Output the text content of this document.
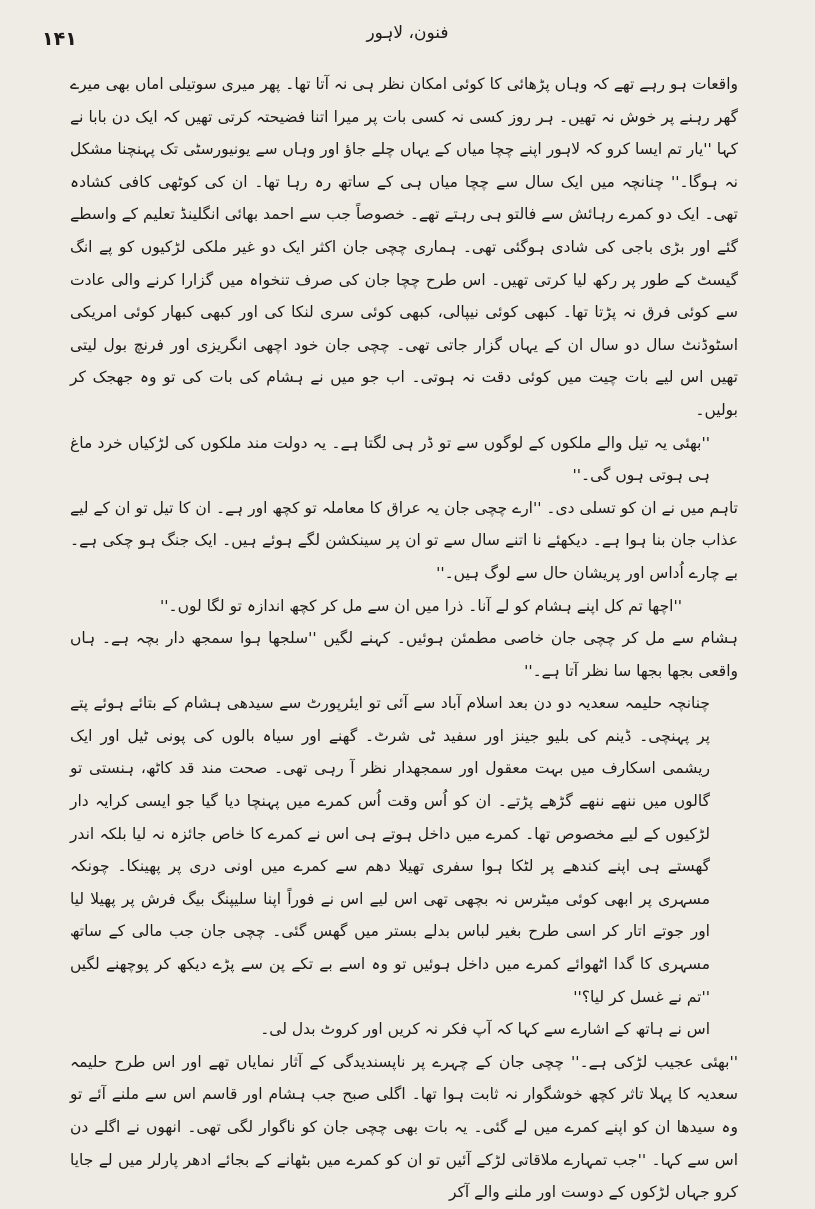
فنون، لاہور
۱۴۱

واقعات ہو رہے تھے کہ وہاں پڑھائی کا کوئی امکان نظر ہی نہ آتا تھا۔ پھر میری سوتیلی اماں بھی میرے گھر رہنے پر خوش نہ تھیں۔ ہر روز کسی نہ کسی بات پر میرا اتنا فضیحتہ کرتی تھیں کہ ایک دن بابا نے کہا ''یار تم ایسا کرو کہ لاہور اپنے چچا میاں کے یہاں چلے جاؤ اور وہاں سے یونیورسٹی تک پہنچنا مشکل نہ ہوگا۔'' چنانچہ میں ایک سال سے چچا میاں ہی کے ساتھ رہ رہا تھا۔ ان کی کوٹھی کافی کشادہ تھی۔ ایک دو کمرے رہائش سے فالتو ہی رہتے تھے۔ خصوصاً جب سے احمد بھائی انگلینڈ تعلیم کے واسطے گئے اور بڑی باجی کی شادی ہوگئی تھی۔ ہماری چچی جان اکثر ایک دو غیر ملکی لڑکیوں کو پے انگ گیسٹ کے طور پر رکھ لیا کرتی تھیں۔ اس طرح چچا جان کی صرف تنخواہ میں گزارا کرنے والی عادت سے کوئی فرق نہ پڑتا تھا۔ کبھی کوئی نیپالی، کبھی کوئی سری لنکا کی اور کبھی کبھار کوئی امریکی اسٹوڈنٹ سال دو سال ان کے یہاں گزار جاتی تھی۔ چچی جان خود اچھی انگریزی اور فرنچ بول لیتی تھیں اس لیے بات چیت میں کوئی دقت نہ ہوتی۔ اب جو میں نے ہشام کی بات کی تو وہ جھجک کر بولیں۔

''بھئی یہ تیل والے ملکوں کے لوگوں سے تو ڈر ہی لگتا ہے۔ یہ دولت مند ملکوں کی لڑکیاں خرد ماغ ہی ہوتی ہوں گی۔''

تاہم میں نے ان کو تسلی دی۔ ''ارے چچی جان یہ عراق کا معاملہ تو کچھ اور ہے۔ ان کا تیل تو ان کے لیے عذاب جان بنا ہوا ہے۔ دیکھئے نا اتنے سال سے تو ان پر سینکشن لگے ہوئے ہیں۔ ایک جنگ ہو چکی ہے۔ بے چارے اُداس اور پریشان حال سے لوگ ہیں۔''

''اچھا تم کل اپنے ہشام کو لے آنا۔ ذرا میں ان سے مل کر کچھ اندازہ تو لگا لوں۔''

ہشام سے مل کر چچی جان خاصی مطمئن ہوئیں۔ کہنے لگیں ''سلجھا ہوا سمجھ دار بچہ ہے۔ ہاں واقعی بجھا بجھا سا نظر آتا ہے۔''

چنانچہ حلیمہ سعدیہ دو دن بعد اسلام آباد سے آئی تو ایئرپورٹ سے سیدھی ہشام کے بتائے ہوئے پتے پر پہنچی۔ ڈینم کی بلیو جینز اور سفید ٹی شرٹ۔ گھنے اور سیاہ بالوں کی پونی ٹیل اور ایک ریشمی اسکارف میں بہت معقول اور سمجھدار نظر آ رہی تھی۔ صحت مند قد کاٹھ، ہنستی تو گالوں میں ننھے ننھے گڑھے پڑتے۔ ان کو اُس وقت اُس کمرے میں پہنچا دیا گیا جو ایسی کرایہ دار لڑکیوں کے لیے مخصوص تھا۔ کمرے میں داخل ہوتے ہی اس نے کمرے کا خاص جائزہ نہ لیا بلکہ اندر گھستے ہی اپنے کندھے پر لٹکا ہوا سفری تھیلا دھم سے کمرے میں اونی دری پر پھینکا۔ چونکہ مسہری پر ابھی کوئی میٹرس نہ بچھی تھی اس لیے اس نے فوراً اپنا سلیپنگ بیگ فرش پر پھیلا لیا اور جوتے اتار کر اسی طرح بغیر لباس بدلے بستر میں گھس گئی۔ چچی جان جب مالی کے ساتھ مسہری کا گدا اٹھوائے کمرے میں داخل ہوئیں تو وہ اسے بے تکے پن سے پڑے دیکھ کر پوچھنے لگیں ''تم نے غسل کر لیا؟''

اس نے ہاتھ کے اشارے سے کہا کہ آپ فکر نہ کریں اور کروٹ بدل لی۔

''بھئی عجیب لڑکی ہے۔'' چچی جان کے چہرے پر ناپسندیدگی کے آثار نمایاں تھے اور اس طرح حلیمہ سعدیہ کا پہلا تاثر کچھ خوشگوار نہ ثابت ہوا تھا۔ اگلی صبح جب ہشام اور قاسم اس سے ملنے آئے تو وہ سیدھا ان کو اپنے کمرے میں لے گئی۔ یہ بات بھی چچی جان کو ناگوار لگی تھی۔ انھوں نے اگلے دن اس سے کہا۔ ''جب تمہارے ملاقاتی لڑکے آئیں تو ان کو کمرے میں بٹھانے کے بجائے ادھر پارلر میں لے جایا کرو جہاں لڑکوں کے دوست اور ملنے والے آکر
